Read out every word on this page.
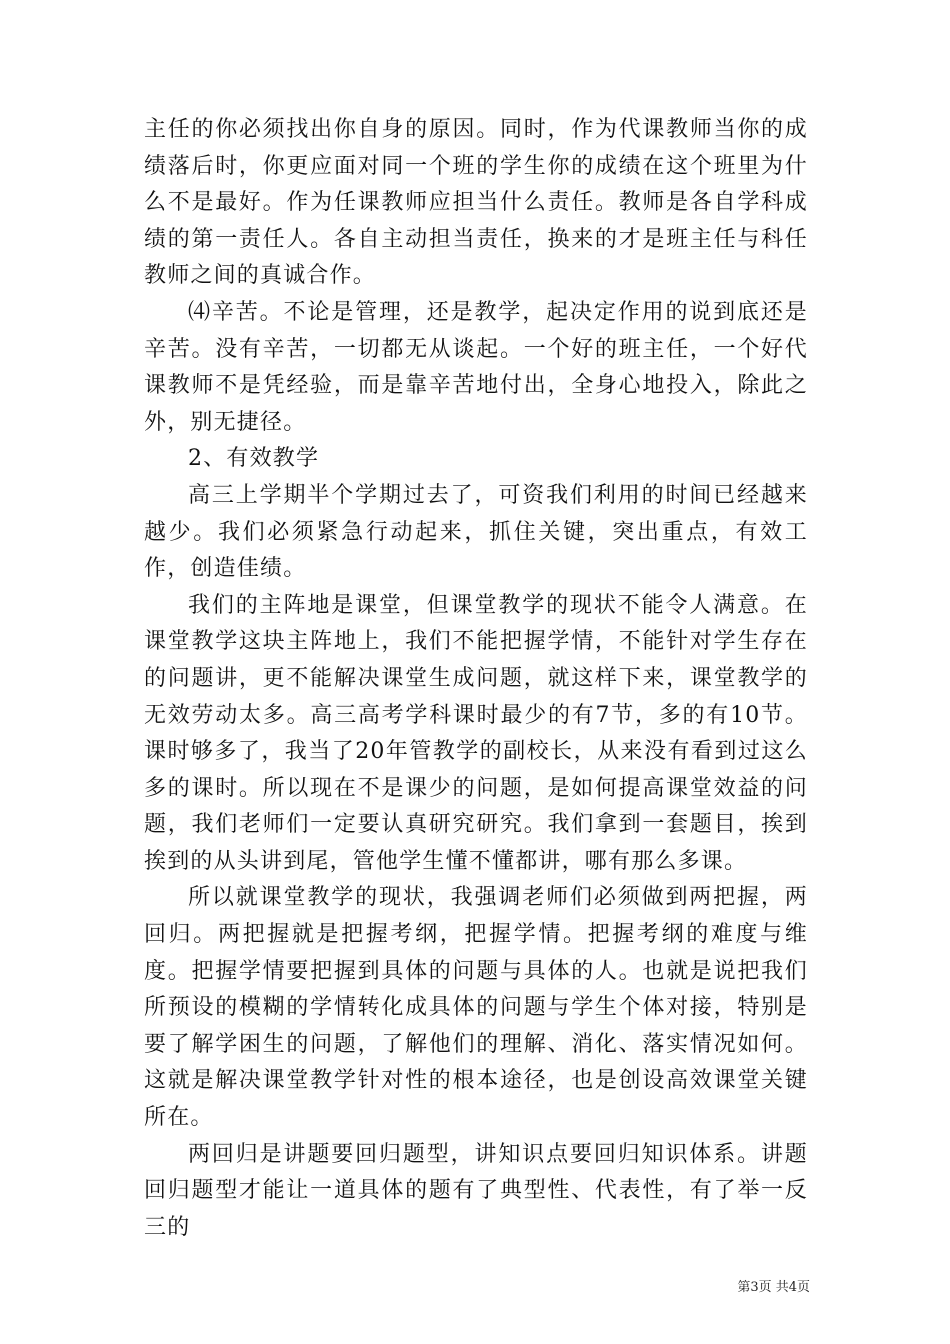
主任的你必须找出你自身的原因。同时，作为代课教师当你的成绩落后时，你更应面对同一个班的学生你的成绩在这个班里为什么不是最好。作为任课教师应担当什么责任。教师是各自学科成绩的第一责任人。各自主动担当责任，换来的才是班主任与科任教师之间的真诚合作。

⑷辛苦。不论是管理，还是教学，起决定作用的说到底还是辛苦。没有辛苦，一切都无从谈起。一个好的班主任，一个好代课教师不是凭经验，而是靠辛苦地付出，全身心地投入，除此之外，别无捷径。

2、有效教学

高三上学期半个学期过去了，可资我们利用的时间已经越来越少。我们必须紧急行动起来，抓住关键，突出重点，有效工作，创造佳绩。

我们的主阵地是课堂，但课堂教学的现状不能令人满意。在课堂教学这块主阵地上，我们不能把握学情，不能针对学生存在的问题讲，更不能解决课堂生成问题，就这样下来，课堂教学的无效劳动太多。高三高考学科课时最少的有7节，多的有10节。课时够多了，我当了20年管教学的副校长，从来没有看到过这么多的课时。所以现在不是课少的问题，是如何提高课堂效益的问题，我们老师们一定要认真研究研究。我们拿到一套题目，挨到挨到的从头讲到尾，管他学生懂不懂都讲，哪有那么多课。

所以就课堂教学的现状，我强调老师们必须做到两把握，两回归。两把握就是把握考纲，把握学情。把握考纲的难度与维度。把握学情要把握到具体的问题与具体的人。也就是说把我们所预设的模糊的学情转化成具体的问题与学生个体对接，特别是要了解学困生的问题，了解他们的理解、消化、落实情况如何。这就是解决课堂教学针对性的根本途径，也是创设高效课堂关键所在。

两回归是讲题要回归题型，讲知识点要回归知识体系。讲题回归题型才能让一道具体的题有了典型性、代表性，有了举一反三的

第3页 共4页
